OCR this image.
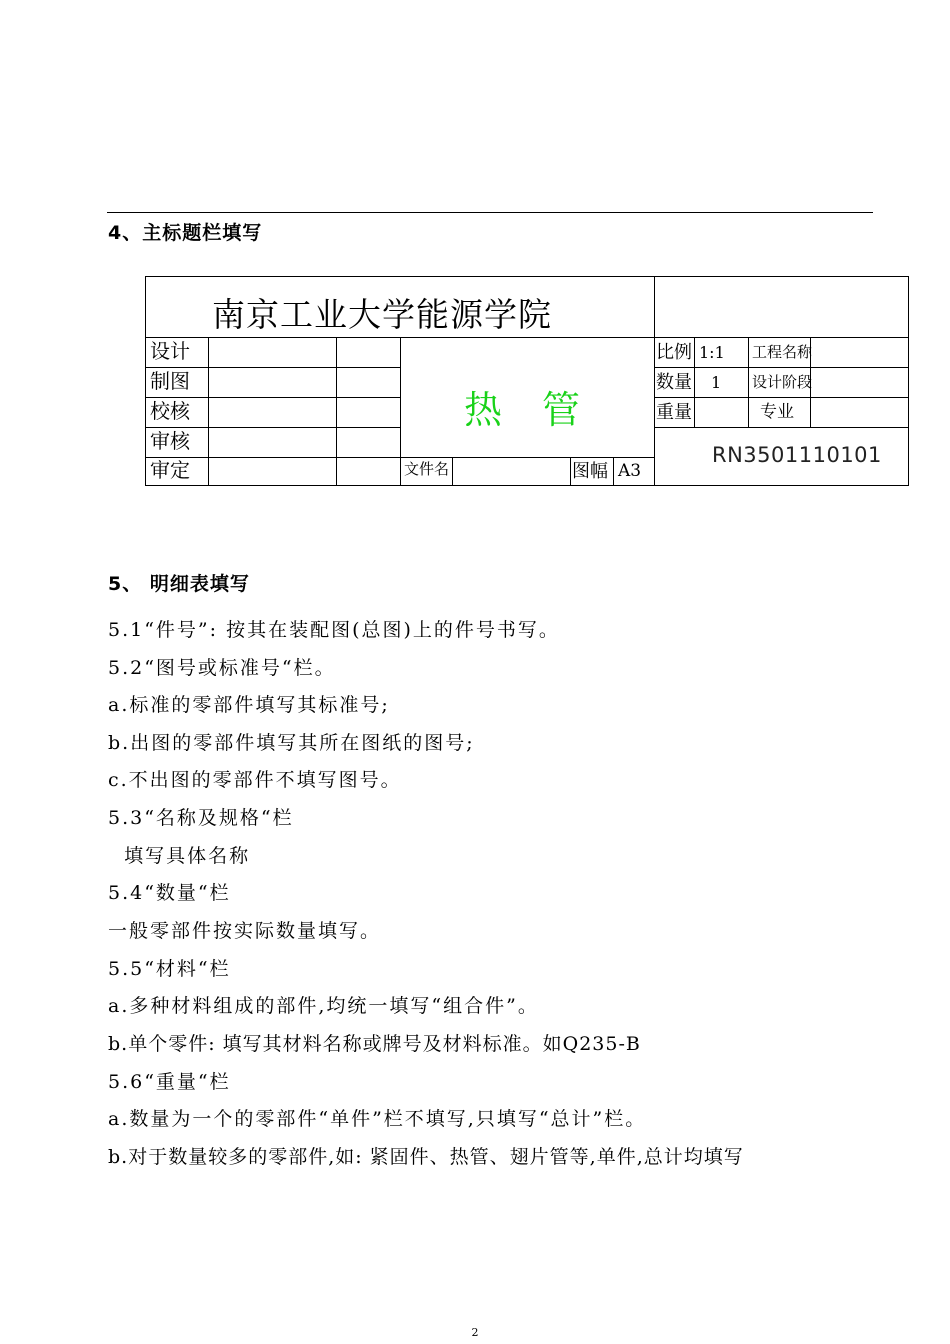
4、主标题栏填写
南京工业大学能源学院
设计
制图
校核
审核
审定
热管
文件名	图幅 A3
比例 1:1 工程名称
数量 1 设计阶段
重量	专业
RN3501110101
5、 明细表填写
5.1“件号”: 按其在装配图(总图)上的件号书写。
5.2“图号或标准号“栏。
a.标准的零部件填写其标准号;
b.出图的零部件填写其所在图纸的图号;
c.不出图的零部件不填写图号。
5.3“名称及规格“栏
填写具体名称
5.4“数量“栏
一般零部件按实际数量填写。
5.5“材料“栏
a.多种材料组成的部件,均统一填写“组合件”。
b.单个零件: 填写其材料名称或牌号及材料标准。如Q235-B
5.6“重量“栏
a.数量为一个的零部件“单件”栏不填写,只填写“总计”栏。
b.对于数量较多的零部件,如: 紧固件、热管、翅片管等,单件,总计均填写
2
